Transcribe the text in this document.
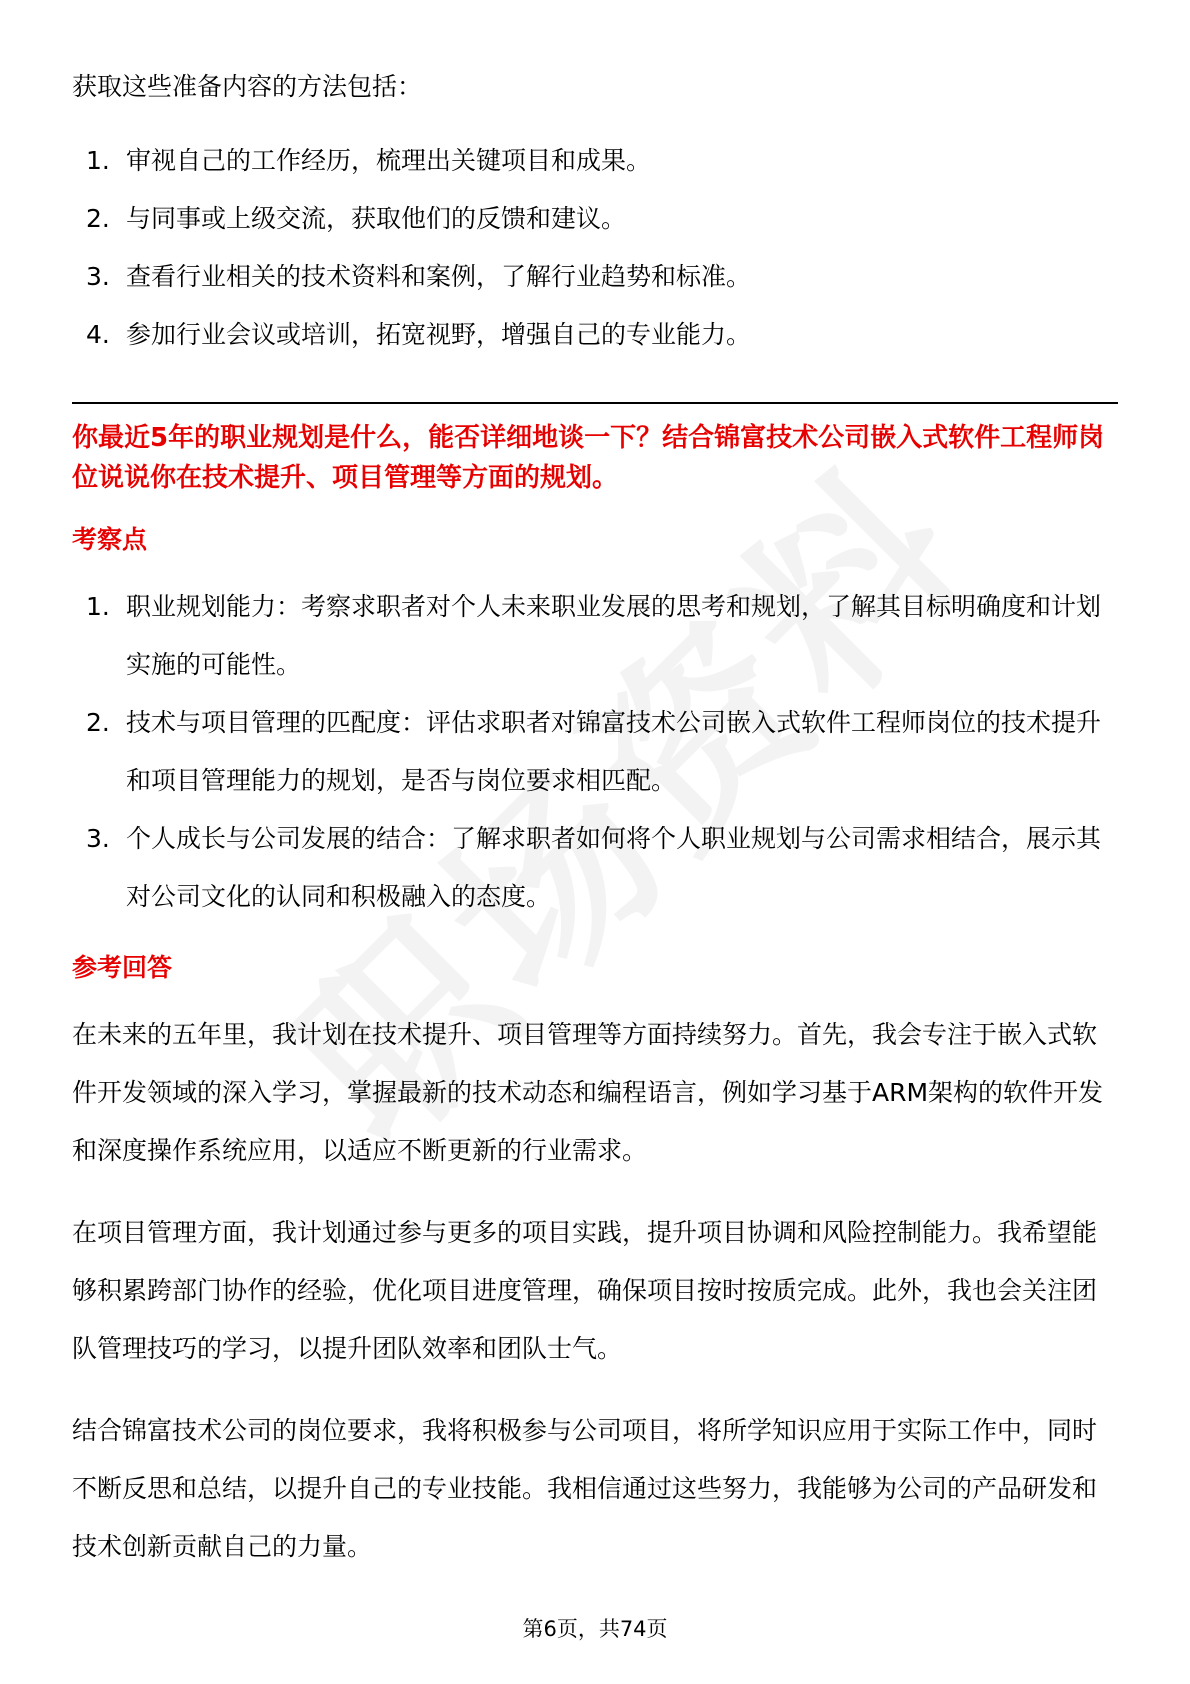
获取这些准备内容的方法包括：

1. 审视自己的工作经历，梳理出关键项目和成果。
2. 与同事或上级交流，获取他们的反馈和建议。
3. 查看行业相关的技术资料和案例，了解行业趋势和标准。
4. 参加行业会议或培训，拓宽视野，增强自己的专业能力。

你最近5年的职业规划是什么，能否详细地谈一下？结合锦富技术公司嵌入式软件工程师岗位说说你在技术提升、项目管理等方面的规划。

考察点
1. 职业规划能力：考察求职者对个人未来职业发展的思考和规划，了解其目标明确度和计划实施的可能性。
2. 技术与项目管理的匹配度：评估求职者对锦富技术公司嵌入式软件工程师岗位的技术提升和项目管理能力的规划，是否与岗位要求相匹配。
3. 个人成长与公司发展的结合：了解求职者如何将个人职业规划与公司需求相结合，展示其对公司文化的认同和积极融入的态度。
参考回答

在未来的五年里，我计划在技术提升、项目管理等方面持续努力。首先，我会专注于嵌入式软件开发领域的深入学习，掌握最新的技术动态和编程语言，例如学习基于ARM架构的软件开发和深度操作系统应用，以适应不断更新的行业需求。

在项目管理方面，我计划通过参与更多的项目实践，提升项目协调和风险控制能力。我希望能够积累跨部门协作的经验，优化项目进度管理，确保项目按时按质完成。此外，我也会关注团队管理技巧的学习，以提升团队效率和团队士气。

结合锦富技术公司的岗位要求，我将积极参与公司项目，将所学知识应用于实际工作中，同时不断反思和总结，以提升自己的专业技能。我相信通过这些努力，我能够为公司的产品研发和技术创新贡献自己的力量。

第6页，共74页
